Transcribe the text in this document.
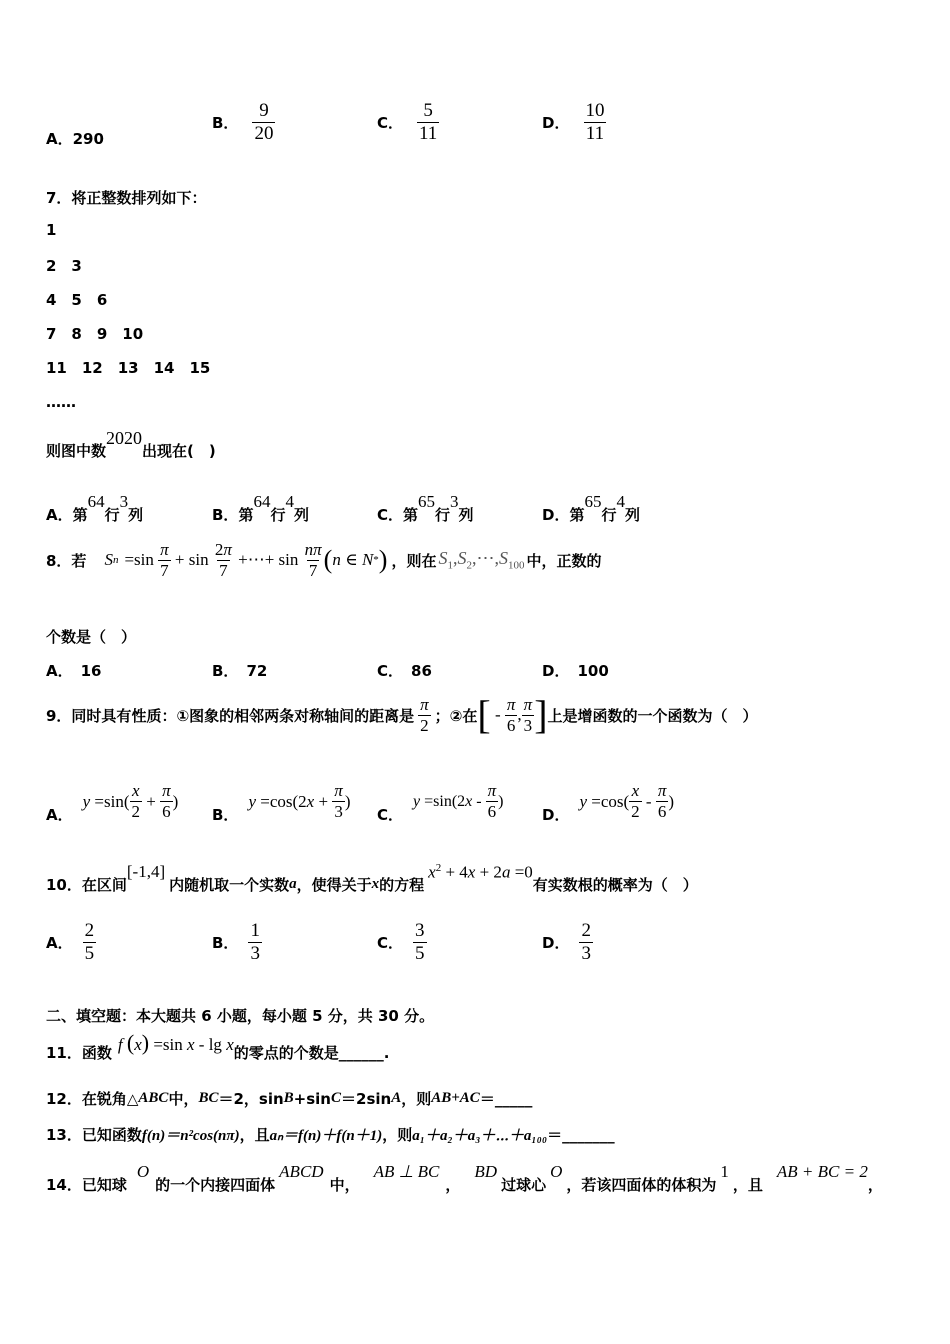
A． 290
B． $\frac{9}{20}$	C． $\frac{5}{11}$	D． $\frac{10}{11}$
7．将正整数排列如下：
1
2　3
4　5　6
7　8　9　10
11　12　13　14　15
……
则图中数
2020
出现在(　)
A． 第
64
行
3
列	B． 第
64
行
4
列	C． 第
65
行
3
列	D． 第
65
行
4
列
8．若 S $n =\sin \frac{\pi}{7} + \sin \frac{2\pi}{7}$ +⋯+ $\sin \frac{n\pi}{7}$ ( n ∈ N * ) ，则在 $S_1,S_2,\cdots,S_{100}$ 中，正数的
个数是（　）
A． 16	B． 72	C． 86	D． 100
9．同时具有性质：①图象的相邻两条对称轴间的距离是 $\frac{\pi}{2}$ ；②在 [ - $\frac{\pi}{6}$ , $\frac{\pi}{3}$ ] 上是增函数的一个函数为（　）
A．
$y =\sin( \frac{x}{2} + \frac{\pi}{6}$ )
B．
y =cos(2 $x + \frac{\pi}{3}$ )
C．
y =sin(2 x - $\frac{\pi}{6}$ )
D．
$y =\cos( \frac{x}{2} - \frac{\pi}{6}$ )
10．在区间
[-1,4]
内随机取一个实数 a ，使得关于 x 的方程
$x^2 + 4x + 2a =0$
有实数根的概率为（　）
A． $\frac{2}{5}$	B． $\frac{1}{3}$	C． $\frac{3}{5}$	D． $\frac{2}{3}$
二、填空题：本大题共 6 小题，每小题 5 分，共 30 分。
11．函数 f (x) =sin x - lg x 的零点的个数是______.
12．在锐角△ ABC 中， BC ＝2，sin B +sin C ＝2sin A ，则 AB+AC ＝_____
13．已知函数 f(n)＝n²cos(nπ) ，且 aₙ＝f(n)＋f(n＋1) ，则 a₁＋a₂＋a₃＋⋯＋a₁₀₀ ＝_______
14．已知球
O
的一个内接四面体
ABCD
中，
AB ⊥ BC
，
BD
过球心
O
，若该四面体的体积为
1
，且
AB + BC = 2
，
